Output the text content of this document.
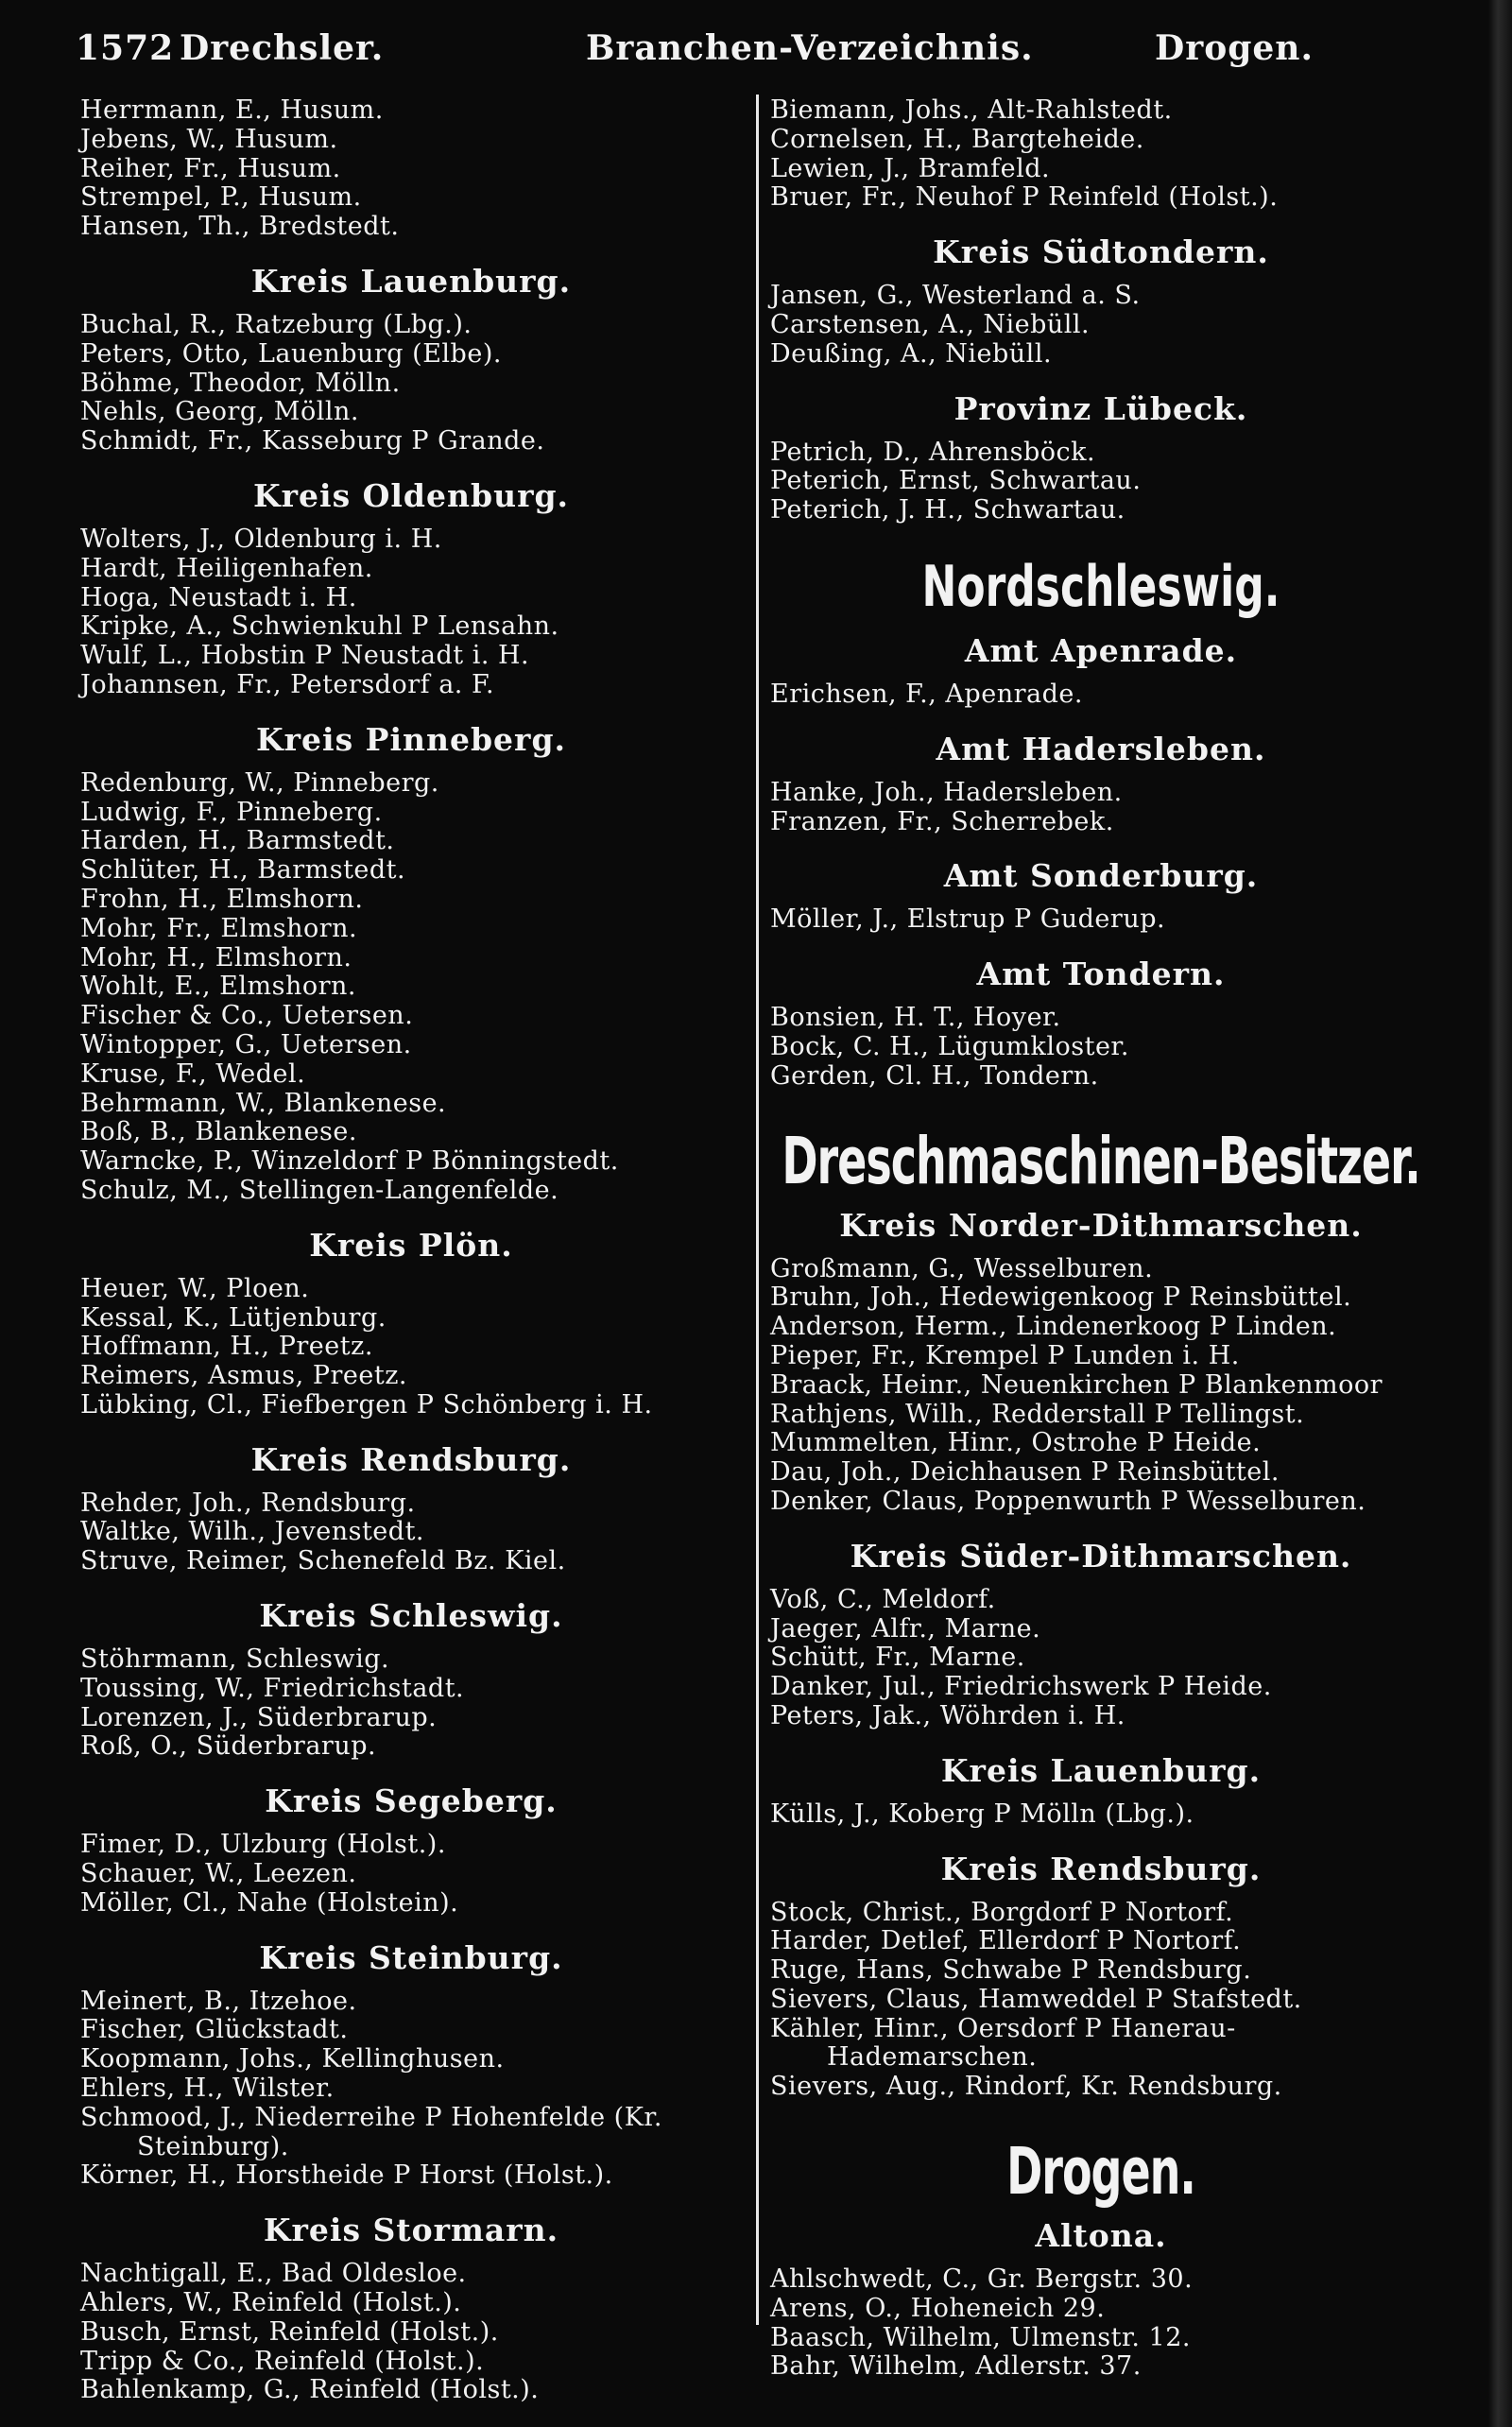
1572 Drechsler.	Branchen-Verzeichnis.	Drogen.
Herrmann, E., Husum.
Jebens, W., Husum.
Reiher, Fr., Husum.
Strempel, P., Husum.
Hansen, Th., Bredstedt.
Kreis Lauenburg.
Buchal, R., Ratzeburg (Lbg.).
Peters, Otto, Lauenburg (Elbe).
Böhme, Theodor, Mölln.
Nehls, Georg, Mölln.
Schmidt, Fr., Kasseburg P Grande.
Kreis Oldenburg.
Wolters, J., Oldenburg i. H.
Hardt, Heiligenhafen.
Hoga, Neustadt i. H.
Kripke, A., Schwienkuhl P Lensahn.
Wulf, L., Hobstin P Neustadt i. H.
Johannsen, Fr., Petersdorf a. F.
Kreis Pinneberg.
Redenburg, W., Pinneberg.
Ludwig, F., Pinneberg.
Harden, H., Barmstedt.
Schlüter, H., Barmstedt.
Frohn, H., Elmshorn.
Mohr, Fr., Elmshorn.
Mohr, H., Elmshorn.
Wohlt, E., Elmshorn.
Fischer & Co., Uetersen.
Wintopper, G., Uetersen.
Kruse, F., Wedel.
Behrmann, W., Blankenese.
Boß, B., Blankenese.
Warncke, P., Winzeldorf P Bönningstedt.
Schulz, M., Stellingen-Langenfelde.
Kreis Plön.
Heuer, W., Ploen.
Kessal, K., Lütjenburg.
Hoffmann, H., Preetz.
Reimers, Asmus, Preetz.
Lübking, Cl., Fiefbergen P Schönberg i. H.
Kreis Rendsburg.
Rehder, Joh., Rendsburg.
Waltke, Wilh., Jevenstedt.
Struve, Reimer, Schenefeld Bz. Kiel.
Kreis Schleswig.
Stöhrmann, Schleswig.
Toussing, W., Friedrichstadt.
Lorenzen, J., Süderbrarup.
Roß, O., Süderbrarup.
Kreis Segeberg.
Fimer, D., Ulzburg (Holst.).
Schauer, W., Leezen.
Möller, Cl., Nahe (Holstein).
Kreis Steinburg.
Meinert, B., Itzehoe.
Fischer, Glückstadt.
Koopmann, Johs., Kellinghusen.
Ehlers, H., Wilster.
Schmood, J., Niederreihe P Hohenfelde (Kr. Steinburg).
Körner, H., Horstheide P Horst (Holst.).
Kreis Stormarn.
Nachtigall, E., Bad Oldesloe.
Ahlers, W., Reinfeld (Holst.).
Busch, Ernst, Reinfeld (Holst.).
Tripp & Co., Reinfeld (Holst.).
Bahlenkamp, G., Reinfeld (Holst.).
Biemann, Johs., Alt-Rahlstedt.
Cornelsen, H., Bargteheide.
Lewien, J., Bramfeld.
Bruer, Fr., Neuhof P Reinfeld (Holst.).
Kreis Südtondern.
Jansen, G., Westerland a. S.
Carstensen, A., Niebüll.
Deußing, A., Niebüll.
Provinz Lübeck.
Petrich, D., Ahrensböck.
Peterich, Ernst, Schwartau.
Peterich, J. H., Schwartau.
Nordschleswig.
Amt Apenrade.
Erichsen, F., Apenrade.
Amt Hadersleben.
Hanke, Joh., Hadersleben.
Franzen, Fr., Scherrebek.
Amt Sonderburg.
Möller, J., Elstrup P Guderup.
Amt Tondern.
Bonsien, H. T., Hoyer.
Bock, C. H., Lügumkloster.
Gerden, Cl. H., Tondern.
Dreschmaschinen-Besitzer.
Kreis Norder-Dithmarschen.
Großmann, G., Wesselburen.
Bruhn, Joh., Hedewigenkoog P Reinsbüttel.
Anderson, Herm., Lindenerkoog P Linden.
Pieper, Fr., Krempel P Lunden i. H.
Braack, Heinr., Neuenkirchen P Blankenmoor
Rathjens, Wilh., Redderstall P Tellingst.
Mummelten, Hinr., Ostrohe P Heide.
Dau, Joh., Deichhausen P Reinsbüttel.
Denker, Claus, Poppenwurth P Wesselburen.
Kreis Süder-Dithmarschen.
Voß, C., Meldorf.
Jaeger, Alfr., Marne.
Schütt, Fr., Marne.
Danker, Jul., Friedrichswerk P Heide.
Peters, Jak., Wöhrden i. H.
Kreis Lauenburg.
Külls, J., Koberg P Mölln (Lbg.).
Kreis Rendsburg.
Stock, Christ., Borgdorf P Nortorf.
Harder, Detlef, Ellerdorf P Nortorf.
Ruge, Hans, Schwabe P Rendsburg.
Sievers, Claus, Hamweddel P Stafstedt.
Kähler, Hinr., Oersdorf P Hanerau-Hademarschen.
Sievers, Aug., Rindorf, Kr. Rendsburg.
Drogen.
Altona.
Ahlschwedt, C., Gr. Bergstr. 30.
Arens, O., Hoheneich 29.
Baasch, Wilhelm, Ulmenstr. 12.
Bahr, Wilhelm, Adlerstr. 37.
